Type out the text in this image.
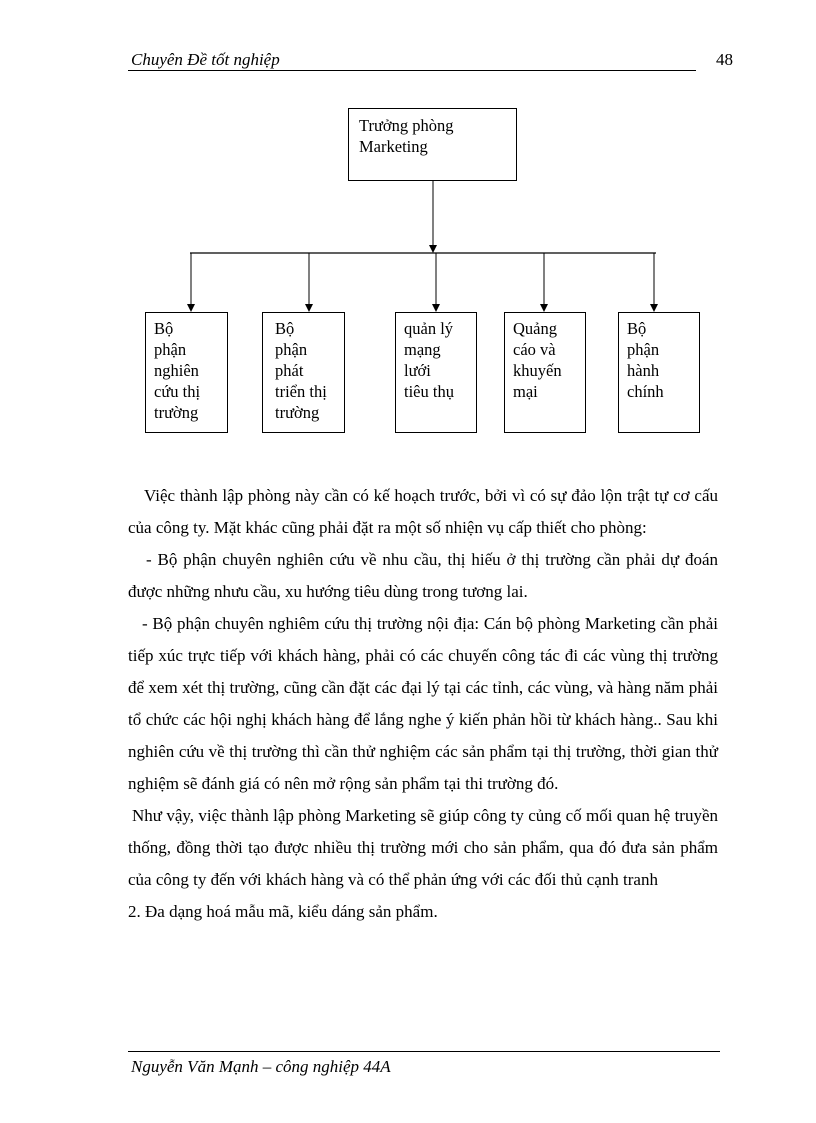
Chuyên Đề tốt nghiệp	48
Trưởng phòng
Marketing
Bộ
phận
nghiên
cứu thị
trường
Bộ
phận
phát
triển thị
trường
quản lý
mạng
lưới
tiêu thụ
Quảng
cáo và
khuyến
mại
Bộ
phận
hành
chính

Việc thành lập phòng này cần có kế hoạch trước, bởi vì có sự đảo lộn trật tự cơ cấu của công ty. Mặt khác cũng phải đặt ra một số nhiện vụ cấp thiết cho phòng:

- Bộ phận chuyên nghiên cứu về nhu cầu, thị hiếu ở thị trường cần phải dự đoán được những nhưu cầu, xu hướng tiêu dùng trong tương lai.

- Bộ phận chuyên nghiêm cứu thị trường nội địa: Cán bộ phòng Marketing cần phải tiếp xúc trực tiếp với khách hàng, phải có các chuyến công tác đi các vùng thị trường để xem xét thị trường, cũng cần đặt các đại lý tại các tỉnh, các vùng, và hàng năm phải tổ chức các hội nghị khách hàng để lắng nghe ý kiến phản hồi từ khách hàng.. Sau khi nghiên cứu về thị trường thì cần thử nghiệm các sản phẩm tại thị trường, thời gian thử nghiệm sẽ đánh giá có nên mở rộng sản phẩm tại thi trường đó.

Như vậy, việc thành lập phòng Marketing sẽ giúp công ty củng cố mối quan hệ truyền thống, đồng thời tạo được nhiều thị trường mới cho sản phẩm, qua đó đưa sản phẩm của công ty đến với khách hàng và có thể phản ứng với các đối thủ cạnh tranh

2. Đa dạng hoá mẫu mã, kiểu dáng sản phẩm.

Nguyễn Văn Mạnh – công nghiệp 44A
